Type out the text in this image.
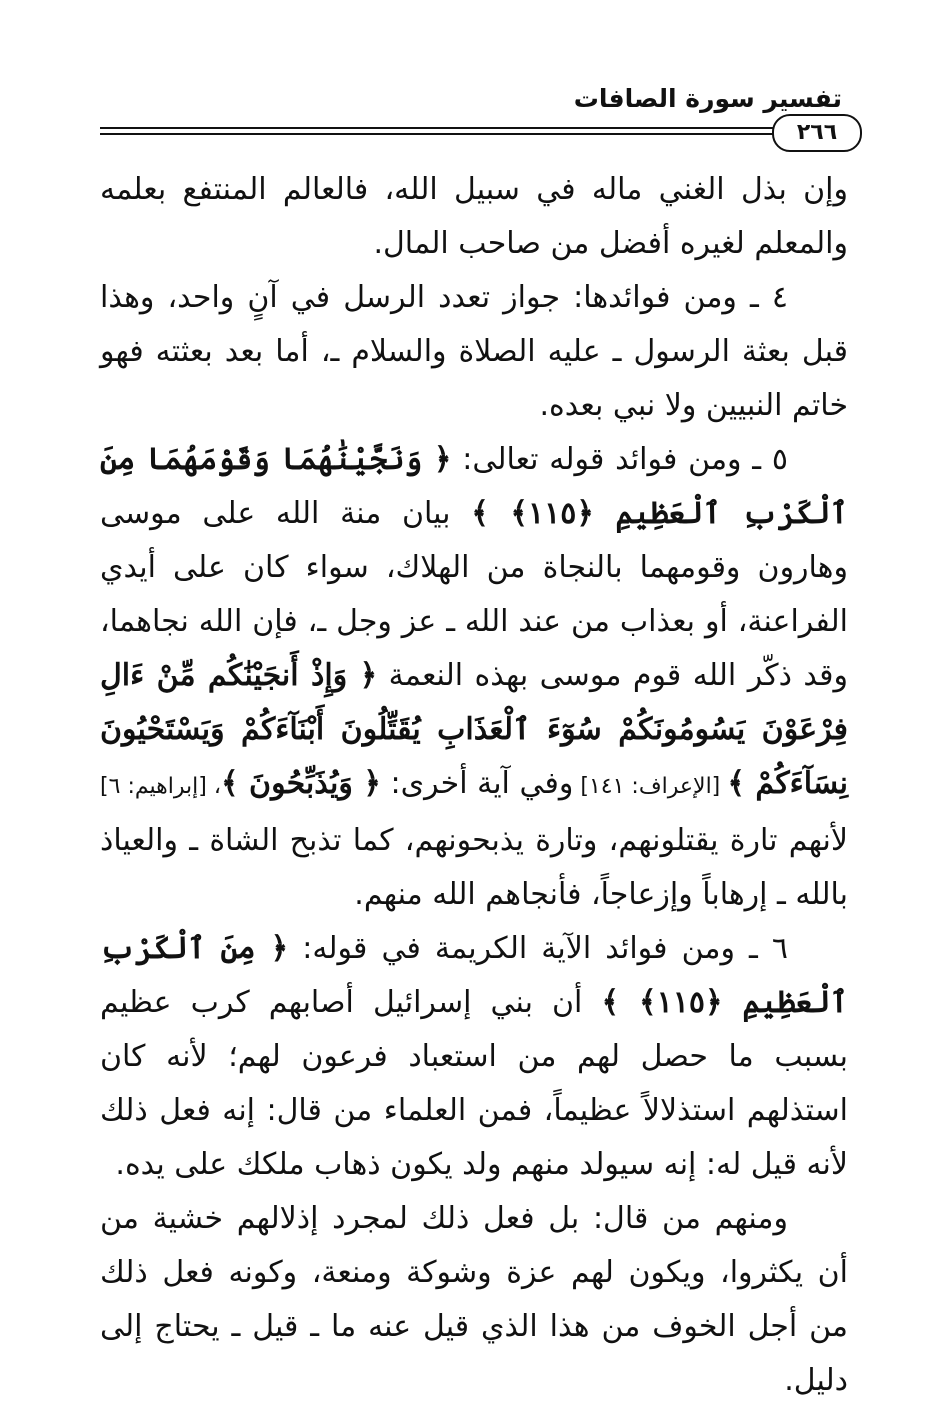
تفسير سورة الصافات
٢٦٦

وإن بذل الغني ماله في سبيل الله، فالعالم المنتفع بعلمه والمعلم لغيره أفضل من صاحب المال.

٤ ـ ومن فوائدها: جواز تعدد الرسل في آنٍ واحد، وهذا قبل بعثة الرسول ـ عليه الصلاة والسلام ـ، أما بعد بعثته فهو خاتم النبيين ولا نبي بعده.

٥ ـ ومن فوائد قوله تعالى: ﴿ وَنَجَّيْنَٰهُمَا وَقَوْمَهُمَا مِنَ ٱلْكَرْبِ ٱلْعَظِيمِ ﴿١١٥﴾ ﴾ بيان منة الله على موسى وهارون وقومهما بالنجاة من الهلاك، سواء كان على أيدي الفراعنة، أو بعذاب من عند الله ـ عز وجل ـ، فإن الله نجاهما، وقد ذكّر الله قوم موسى بهذه النعمة ﴿ وَإِذْ أَنجَيْنَٰكُم مِّنْ ءَالِ فِرْعَوْنَ يَسُومُونَكُمْ سُوٓءَ ٱلْعَذَابِ يُقَتِّلُونَ أَبْنَآءَكُمْ وَيَسْتَحْيُونَ نِسَآءَكُمْ ﴾ [الإعراف: ١٤١] وفي آية أخرى: ﴿ وَيُذَبِّحُونَ ﴾، [إبراهيم: ٦] لأنهم تارة يقتلونهم، وتارة يذبحونهم، كما تذبح الشاة ـ والعياذ بالله ـ إرهاباً وإزعاجاً، فأنجاهم الله منهم.

٦ ـ ومن فوائد الآية الكريمة في قوله: ﴿ مِنَ ٱلْكَرْبِ ٱلْعَظِيمِ ﴿١١٥﴾ ﴾ أن بني إسرائيل أصابهم كرب عظيم بسبب ما حصل لهم من استعباد فرعون لهم؛ لأنه كان استذلهم استذلالاً عظيماً، فمن العلماء من قال: إنه فعل ذلك لأنه قيل له: إنه سيولد منهم ولد يكون ذهاب ملكك على يده.

ومنهم من قال: بل فعل ذلك لمجرد إذلالهم خشية من أن يكثروا، ويكون لهم عزة وشوكة ومنعة، وكونه فعل ذلك من أجل الخوف من هذا الذي قيل عنه ما ـ قيل ـ يحتاج إلى دليل.
